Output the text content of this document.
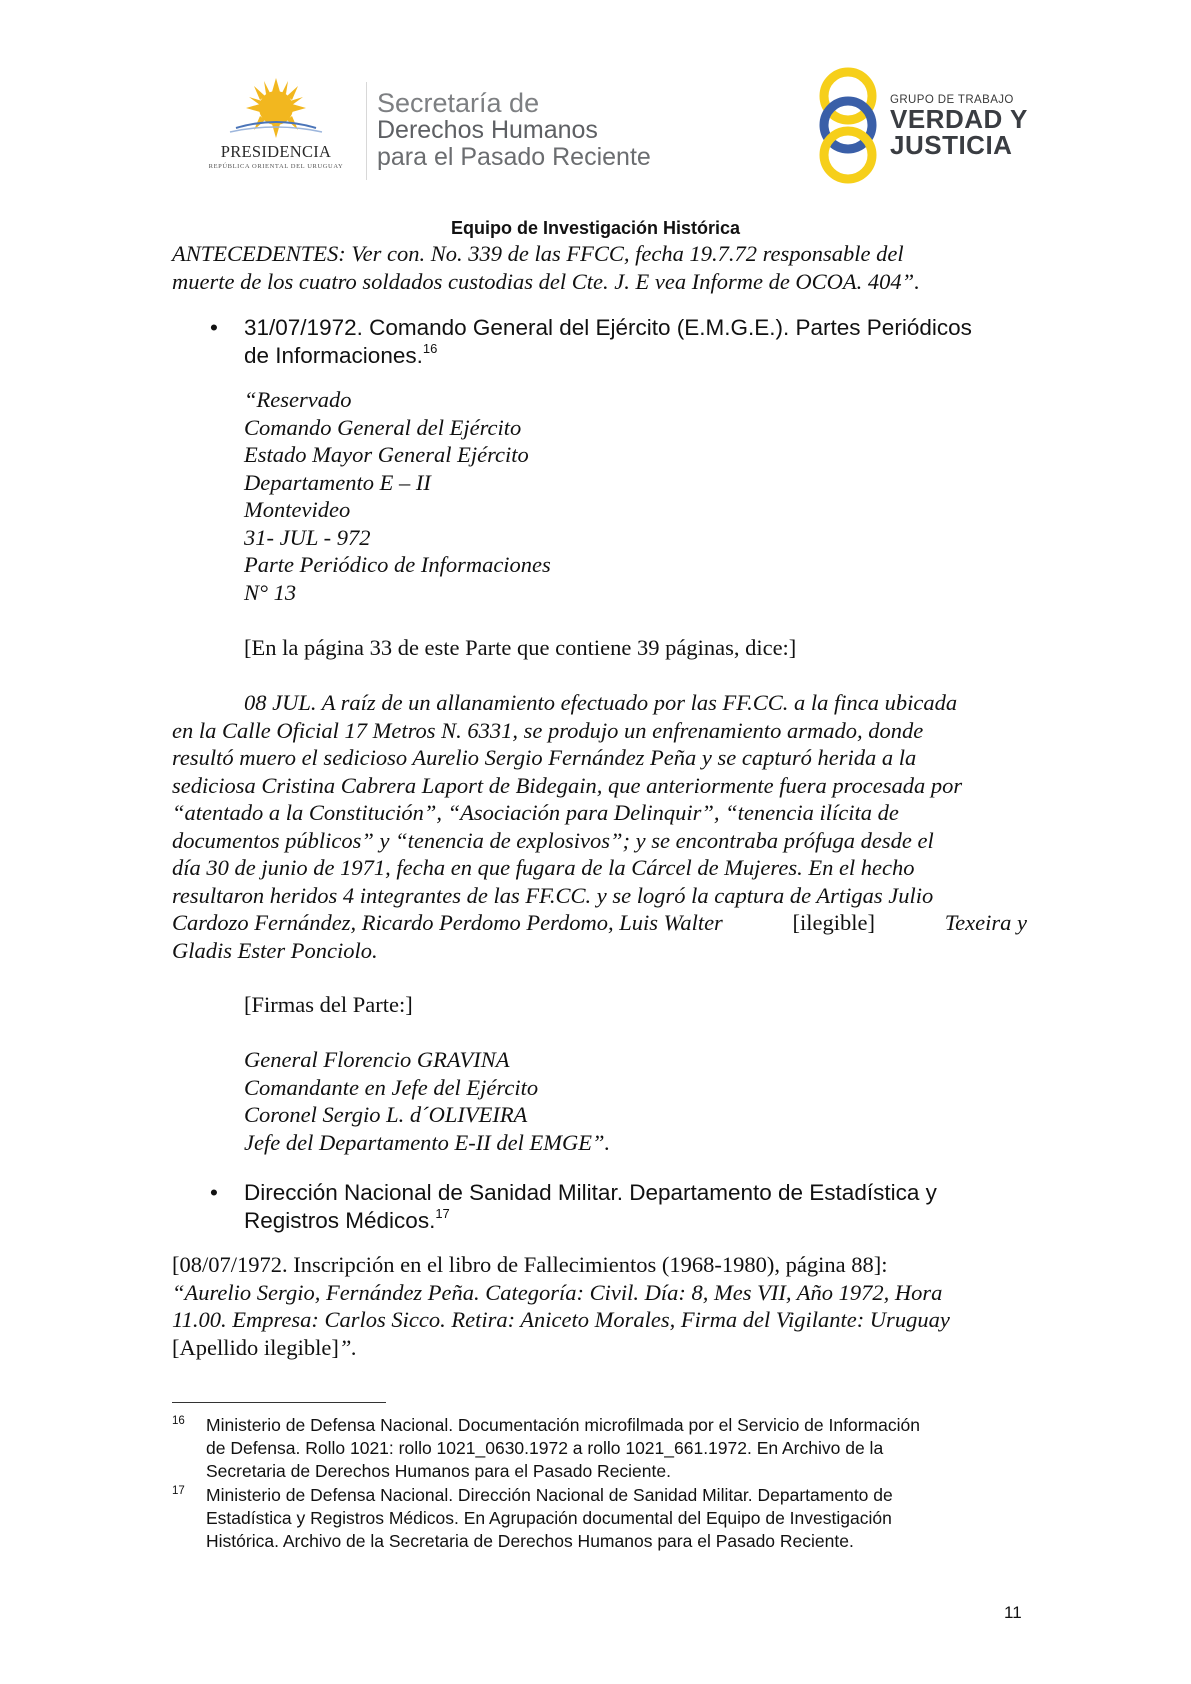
PRESIDENCIA
REPÚBLICA ORIENTAL DEL URUGUAY
Secretaría de
Derechos Humanos
para el Pasado Reciente
GRUPO DE TRABAJO
VERDAD Y
JUSTICIA
Equipo de Investigación Histórica
ANTECEDENTES: Ver con. No. 339 de las FFCC, fecha 19.7.72 responsable del
muerte de los cuatro soldados custodias del Cte. J. E vea Informe de OCOA. 404”.
• 31/07/1972. Comando General del Ejército (E.M.G.E.). Partes Periódicos
de Informaciones.$^{16}$
“Reservado
Comando General del Ejército
Estado Mayor General Ejército
Departamento E – II
Montevideo
31- JUL - 972
Parte Periódico de Informaciones
N° 13
[En la página 33 de este Parte que contiene 39 páginas, dice:]
08 JUL. A raíz de un allanamiento efectuado por las FF.CC. a la finca ubicada
en la Calle Oficial 17 Metros N. 6331, se produjo un enfrenamiento armado, donde
resultó muero el sedicioso Aurelio Sergio Fernández Peña y se capturó herida a la
sediciosa Cristina Cabrera Laport de Bidegain, que anteriormente fuera procesada por
“atentado a la Constitución”, “Asociación para Delinquir”, “tenencia ilícita de
documentos públicos” y “tenencia de explosivos”; y se encontraba prófuga desde el
día 30 de junio de 1971, fecha en que fugara de la Cárcel de Mujeres. En el hecho
resultaron heridos 4 integrantes de las FF.CC. y se logró la captura de Artigas Julio
Cardozo Fernández, Ricardo Perdomo Perdomo, Luis Walter	[ilegible]	Texeira y
Gladis Ester Ponciolo.
[Firmas del Parte:]
General Florencio GRAVINA
Comandante en Jefe del Ejército
Coronel Sergio L. d´OLIVEIRA
Jefe del Departamento E-II del EMGE”.
• Dirección Nacional de Sanidad Militar. Departamento de Estadística y
Registros Médicos.$^{17}$
[08/07/1972. Inscripción en el libro de Fallecimientos (1968-1980), página 88]:
“Aurelio Sergio, Fernández Peña. Categoría: Civil. Día: 8, Mes VII, Año 1972, Hora
11.00. Empresa: Carlos Sicco. Retira: Aniceto Morales, Firma del Vigilante: Uruguay
[Apellido ilegible]”.
16 Ministerio de Defensa Nacional. Documentación microfilmada por el Servicio de Información
de Defensa. Rollo 1021: rollo 1021_0630.1972 a rollo 1021_661.1972. En Archivo de la
Secretaria de Derechos Humanos para el Pasado Reciente.
17 Ministerio de Defensa Nacional. Dirección Nacional de Sanidad Militar. Departamento de
Estadística y Registros Médicos. En Agrupación documental del Equipo de Investigación
Histórica. Archivo de la Secretaria de Derechos Humanos para el Pasado Reciente.
11
